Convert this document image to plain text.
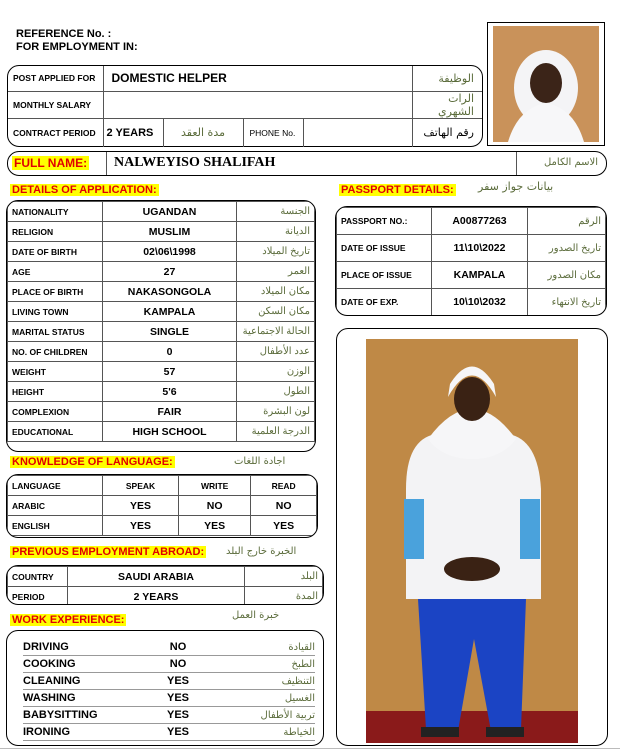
REFERENCE No. :
FOR EMPLOYMENT IN:
POST APPLIED FOR	DOMESTIC HELPER				الوظيفة
MONTHLY SALARY					الرات الشهري
CONTRACT PERIOD	2 YEARS	مدة العقد	PHONE No.		رقم الهاتف
FULL NAME: NALWEYISO SHALIFAH	الاسم الكامل
DETAILS OF APPLICATION:
NATIONALITY	UGANDAN	الجنسة
RELIGION	MUSLIM	الديانة
DATE OF BIRTH	02\06\1998	تاريخ الميلاد
AGE	27	العمر
PLACE OF BIRTH	NAKASONGOLA	مكان الميلاد
LIVING TOWN	KAMPALA	مكان السكن
MARITAL STATUS	SINGLE	الحالة الاجتماعية
NO. OF CHILDREN	0	عدد الأطفال
WEIGHT	57	الوزن
HEIGHT	5'6	الطول
COMPLEXION	FAIR	لون البشرة
EDUCATIONAL	HIGH SCHOOL	الدرجة العلمية
PASSPORT DETAILS: بيانات جواز سفر
PASSPORT NO.:	A00877263	الرقم
DATE OF ISSUE	11\10\2022	تاريخ الصدور
PLACE OF ISSUE	KAMPALA	مكان الصدور
DATE OF EXP.	10\10\2032	تاريخ الانتهاء
KNOWLEDGE OF LANGUAGE:	اجادة اللغات
LANGUAGE	SPEAK	WRITE	READ
ARABIC	YES	NO	NO
ENGLISH	YES	YES	YES
PREVIOUS EMPLOYMENT ABROAD: الخبرة خارج البلد
COUNTRY	SAUDI ARABIA	البلد
PERIOD	2 YEARS	المدة
WORK EXPERIENCE:	خبرة العمل
DRIVING	NO	القيادة
COOKING	NO	الطبخ
CLEANING	YES	التنظيف
WASHING	YES	الغسيل
BABYSITTING	YES	تربية الأطفال
IRONING	YES	الخياطة
